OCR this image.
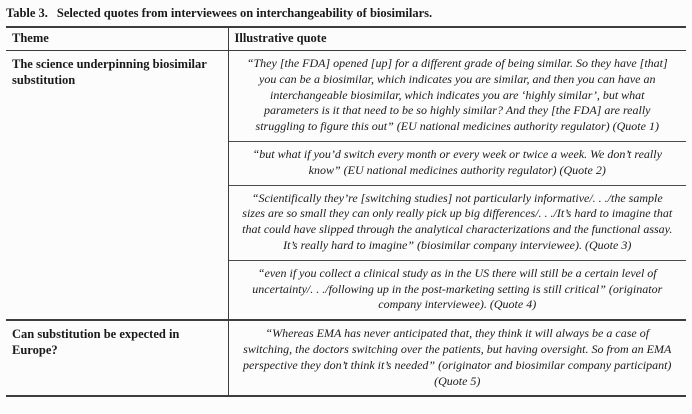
Table 3. Selected quotes from interviewees on interchangeability of biosimilars.
Theme	Illustrative quote
The science underpinning biosimilar substitution	“They [the FDA] opened [up] for a different grade of being similar. So they have [that] you can be a biosimilar, which indicates you are similar, and then you can have an interchangeable biosimilar, which indicates you are ‘highly similar’, but what parameters is it that need to be so highly similar? And they [the FDA] are really struggling to figure this out” (EU national medicines authority regulator) (Quote 1)
	“but what if you’d switch every month or every week or twice a week. We don’t really know” (EU national medicines authority regulator) (Quote 2)
	“Scientifically they’re [switching studies] not particularly informative/. . ./the sample sizes are so small they can only really pick up big differences/. . ./It’s hard to imagine that that could have slipped through the analytical characterizations and the functional assay. It’s really hard to imagine” (biosimilar company interviewee). (Quote 3)
	“even if you collect a clinical study as in the US there will still be a certain level of uncertainty/. . ./following up in the post-marketing setting is still critical” (originator company interviewee). (Quote 4)
Can substitution be expected in Europe?	“Whereas EMA has never anticipated that, they think it will always be a case of switching, the doctors switching over the patients, but having oversight. So from an EMA perspective they don’t think it’s needed” (originator and biosimilar company participant) (Quote 5)
